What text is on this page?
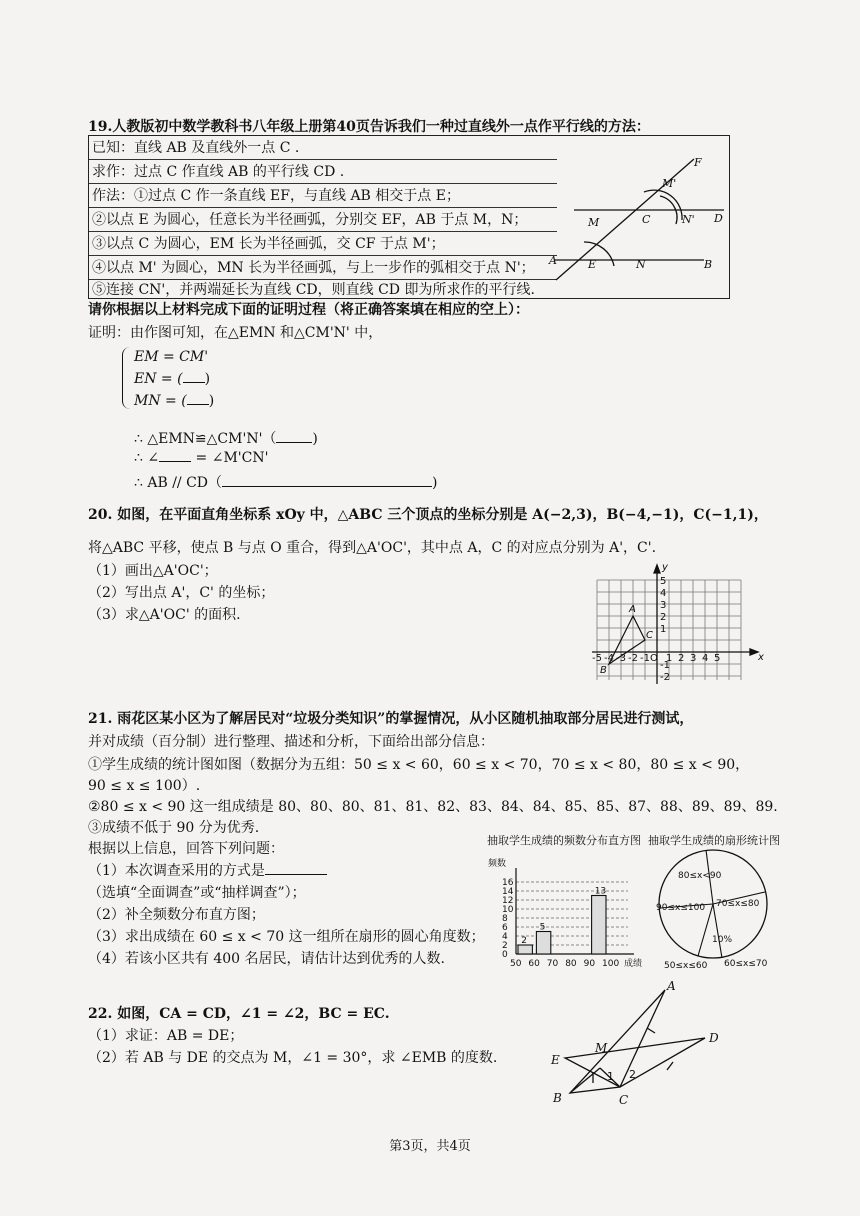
19.人教版初中数学教科书八年级上册第40页告诉我们一种过直线外一点作平行线的方法：
已知：直线 AB 及直线外一点 C .
求作：过点 C 作直线 AB 的平行线 CD .
作法：①过点 C 作一条直线 EF，与直线 AB 相交于点 E；
②以点 E 为圆心，任意长为半径画弧，分别交 EF，AB 于点 M，N；
③以点 C 为圆心，EM 长为半径画弧，交 CF 于点 M'；
④以点 M' 为圆心，MN 长为半径画弧，与上一步作的弧相交于点 N'；
⑤连接 CN'，并两端延长为直线 CD，则直线 CD 即为所求作的平行线.
F
M'
M	C	N' D
A	E	N	B
请你根据以上材料完成下面的证明过程（将正确答案填在相应的空上）：
证明：由作图可知，在△EMN 和△CM'N' 中，
EM = CM'
EN = ( )
MN = ( )
∴ △EMN≌△CM'N'（	)
∴ ∠ = ∠M'CN'
∴ AB // CD（	)
20. 如图，在平面直角坐标系 xOy 中，△ABC 三个顶点的坐标分别是 A(−2,3)，B(−4,−1)，C(−1,1)，
将△ABC 平移，使点 B 与点 O 重合，得到△A'OC'，其中点 A，C 的对应点分别为 A'，C'.
（1）画出△A'OC'；
（2）写出点 A'，C' 的坐标；
（3）求△A'OC' 的面积.
-5 -4 -3 -2 -1 O 1 2 3 4 5
5
4
3
2
1
-1
-2
x
y
A
B
C
21. 雨花区某小区为了解居民对“垃圾分类知识”的掌握情况，从小区随机抽取部分居民进行测试，
并对成绩（百分制）进行整理、描述和分析，下面给出部分信息：
①学生成绩的统计图如图（数据分为五组：50 ≤ x < 60，60 ≤ x < 70，70 ≤ x < 80，80 ≤ x < 90，
90 ≤ x ≤ 100）.
②80 ≤ x < 90 这一组成绩是 80、80、80、81、81、82、83、84、84、85、85、87、88、89、89、89.
③成绩不低于 90 分为优秀.
根据以上信息，回答下列问题：
（1）本次调查采用的方式是
（选填“全面调查”或“抽样调查”）；
（2）补全频数分布直方图；
（3）求出成绩在 60 ≤ x < 70 这一组所在扇形的圆心角度数；
（4）若该小区共有 400 名居民，请估计达到优秀的人数.
抽取学生成绩的频数分布直方图 抽取学生成绩的扇形统计图
0
2
4
6
8
10
12
14
16
50 60 70 80 90 100
2
5
13
频数
成绩
80≤x<90
70≤x≤80
90≤x≤100
10%
50≤x≤60 60≤x≤70
22. 如图，CA = CD，∠1 = ∠2，BC = EC.
（1）求证：AB = DE；
（2）若 AB 与 DE 的交点为 M，∠1 = 30°，求 ∠EMB 的度数.
A
D
E
M
B	C
1 2
第3页，共4页
